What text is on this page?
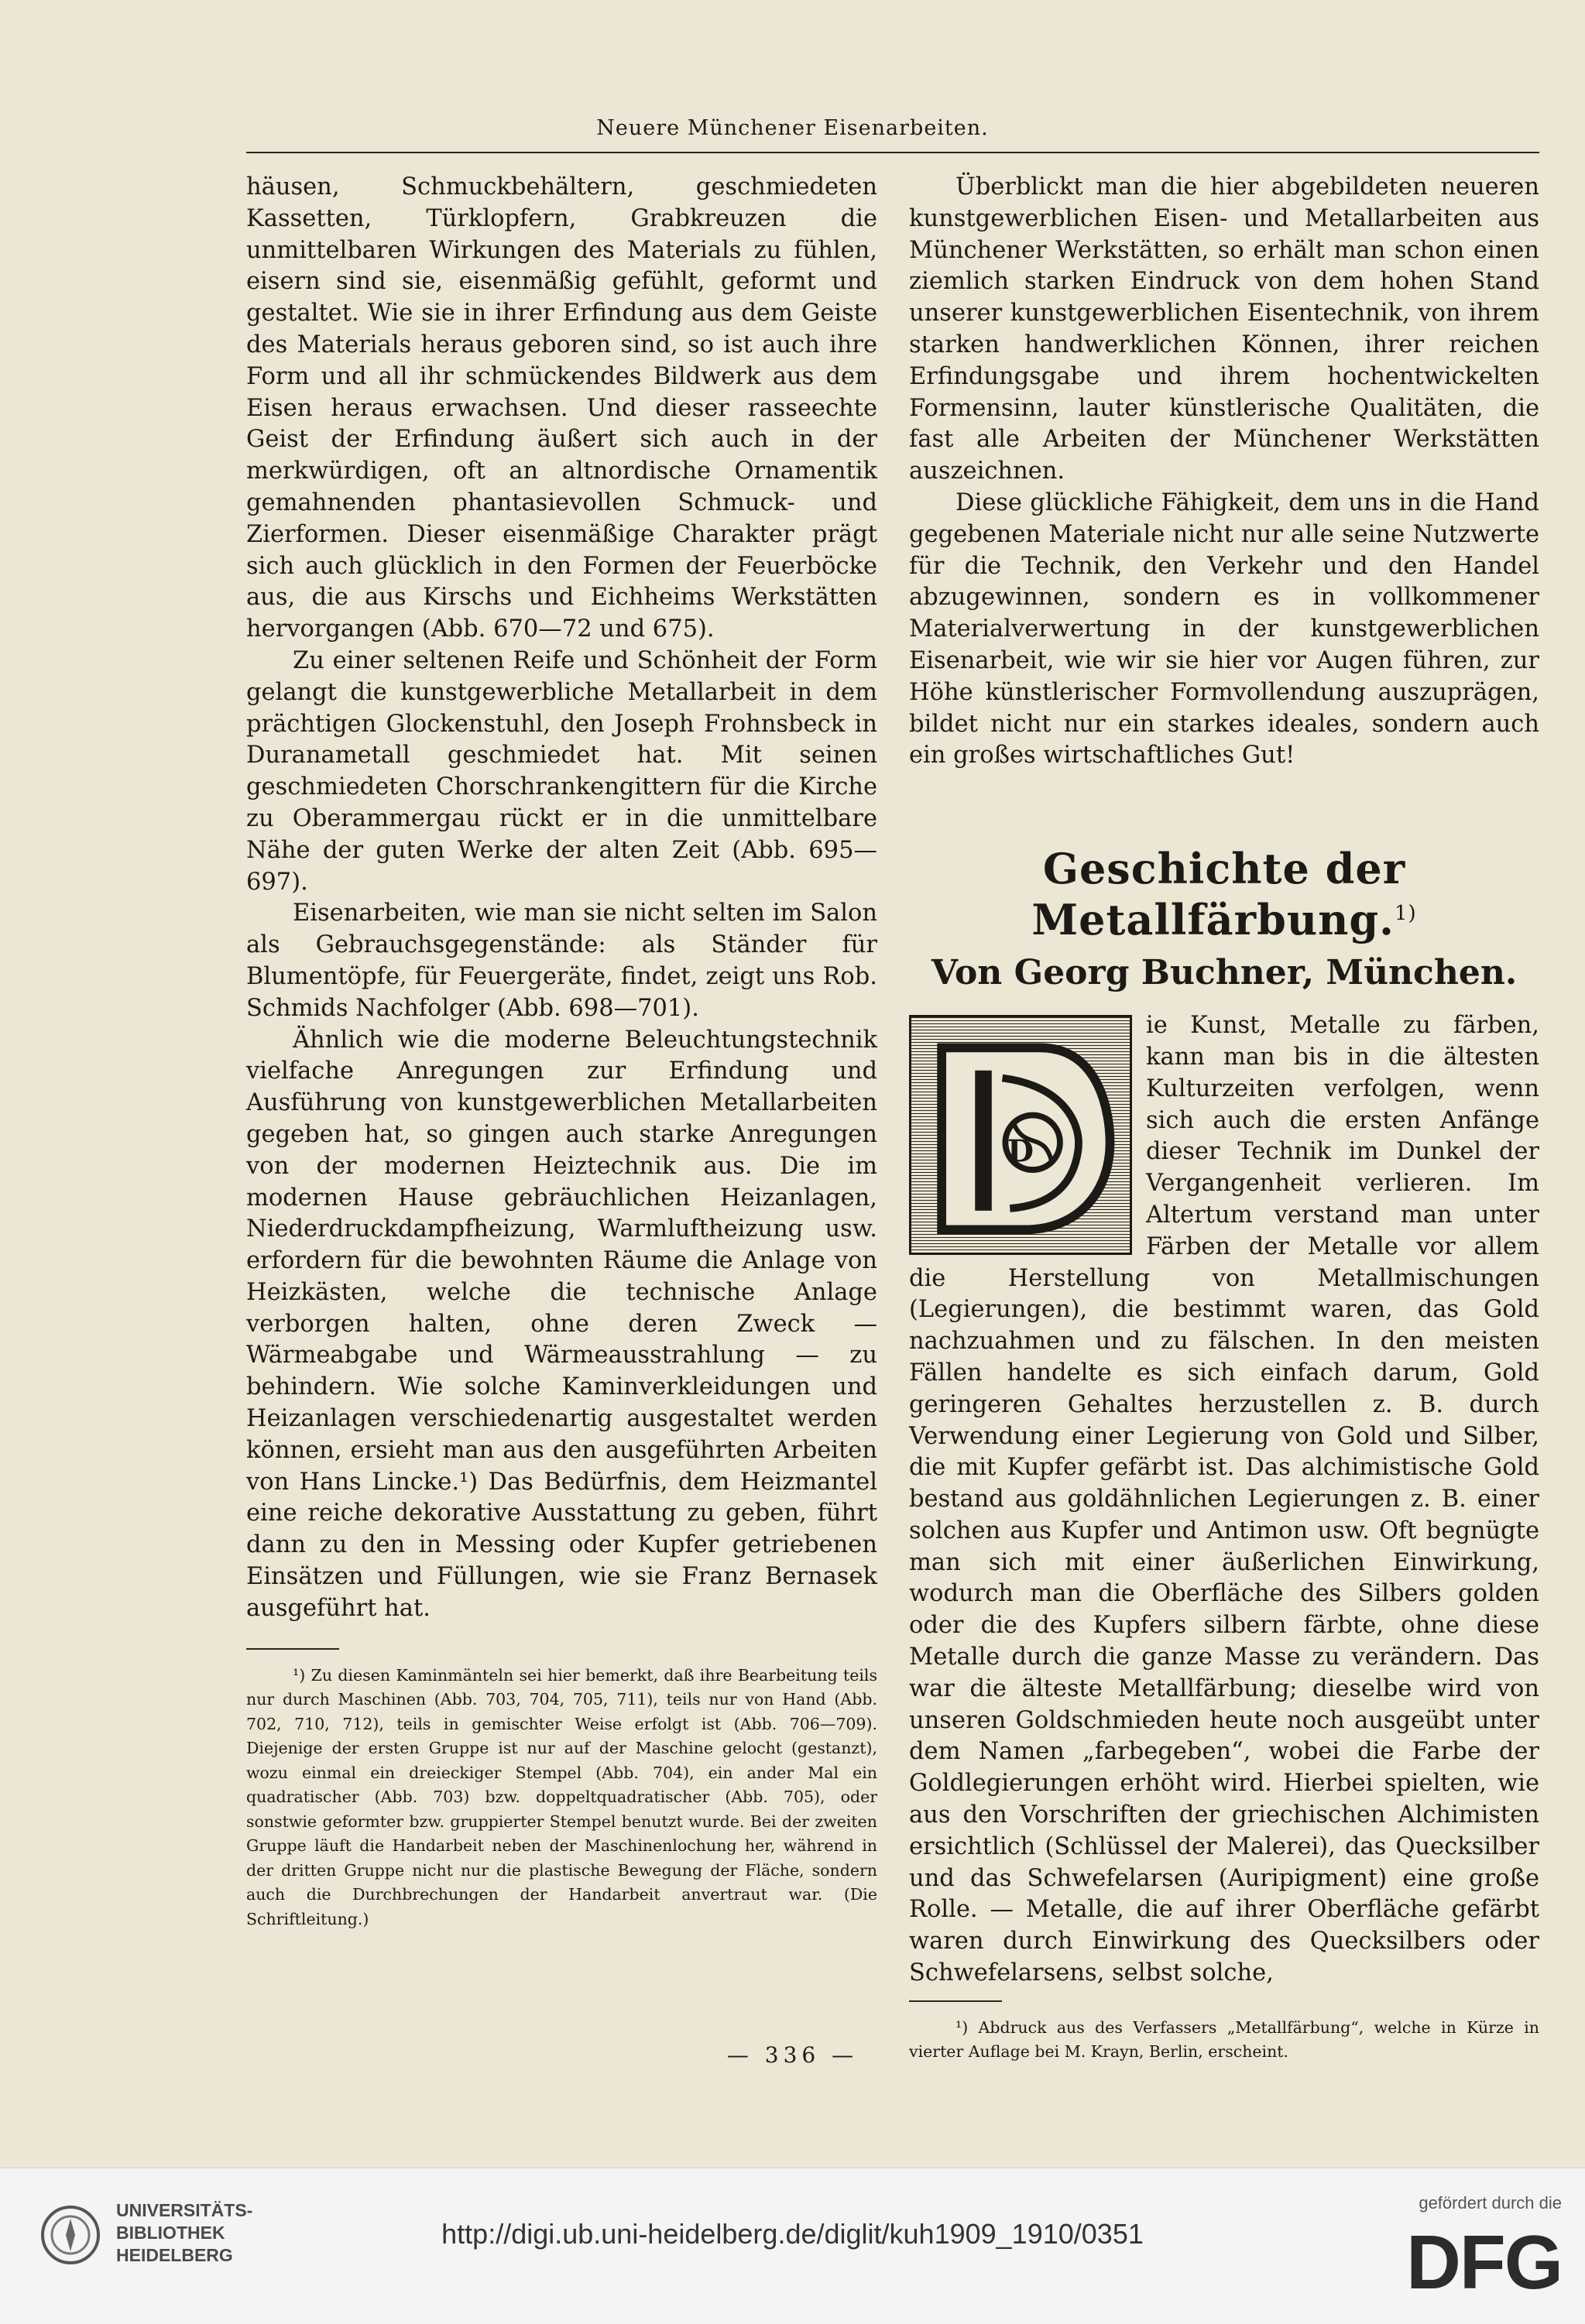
Neuere Münchener Eisenarbeiten.

häusen, Schmuckbehältern, geschmiedeten Kassetten, Türklopfern, Grabkreuzen die unmittelbaren Wirkungen des Materials zu fühlen, eisern sind sie, eisenmäßig gefühlt, geformt und gestaltet. Wie sie in ihrer Erfindung aus dem Geiste des Materials heraus geboren sind, so ist auch ihre Form und all ihr schmückendes Bildwerk aus dem Eisen heraus erwachsen. Und dieser rasseechte Geist der Erfindung äußert sich auch in der merkwürdigen, oft an altnordische Ornamentik gemahnenden phantasievollen Schmuck- und Zierformen. Dieser eisenmäßige Charakter prägt sich auch glücklich in den Formen der Feuerböcke aus, die aus Kirschs und Eichheims Werkstätten hervorgangen (Abb. 670—72 und 675).

Zu einer seltenen Reife und Schönheit der Form gelangt die kunstgewerbliche Metallarbeit in dem prächtigen Glockenstuhl, den Joseph Frohnsbeck in Duranametall geschmiedet hat. Mit seinen geschmiedeten Chorschrankengittern für die Kirche zu Oberammergau rückt er in die unmittelbare Nähe der guten Werke der alten Zeit (Abb. 695—697).

Eisenarbeiten, wie man sie nicht selten im Salon als Gebrauchsgegenstände: als Ständer für Blumentöpfe, für Feuergeräte, findet, zeigt uns Rob. Schmids Nachfolger (Abb. 698—701).

Ähnlich wie die moderne Beleuchtungstechnik vielfache Anregungen zur Erfindung und Ausführung von kunstgewerblichen Metallarbeiten gegeben hat, so gingen auch starke Anregungen von der modernen Heiztechnik aus. Die im modernen Hause gebräuchlichen Heizanlagen, Niederdruckdampfheizung, Warmluftheizung usw. erfordern für die bewohnten Räume die Anlage von Heizkästen, welche die technische Anlage verborgen halten, ohne deren Zweck — Wärmeabgabe und Wärmeausstrahlung — zu behindern. Wie solche Kaminverkleidungen und Heizanlagen verschiedenartig ausgestaltet werden können, ersieht man aus den ausgeführten Arbeiten von Hans Lincke.¹) Das Bedürfnis, dem Heizmantel eine reiche dekorative Ausstattung zu geben, führt dann zu den in Messing oder Kupfer getriebenen Einsätzen und Füllungen, wie sie Franz Bernasek ausgeführt hat.

¹) Zu diesen Kaminmänteln sei hier bemerkt, daß ihre Bearbeitung teils nur durch Maschinen (Abb. 703, 704, 705, 711), teils nur von Hand (Abb. 702, 710, 712), teils in gemischter Weise erfolgt ist (Abb. 706—709). Diejenige der ersten Gruppe ist nur auf der Maschine gelocht (gestanzt), wozu einmal ein dreieckiger Stempel (Abb. 704), ein ander Mal ein quadratischer (Abb. 703) bzw. doppeltquadratischer (Abb. 705), oder sonstwie geformter bzw. gruppierter Stempel benutzt wurde. Bei der zweiten Gruppe läuft die Handarbeit neben der Maschinenlochung her, während in der dritten Gruppe nicht nur die plastische Bewegung der Fläche, sondern auch die Durchbrechungen der Handarbeit anvertraut war. (Die Schriftleitung.)

Überblickt man die hier abgebildeten neueren kunstgewerblichen Eisen- und Metallarbeiten aus Münchener Werkstätten, so erhält man schon einen ziemlich starken Eindruck von dem hohen Stand unserer kunstgewerblichen Eisentechnik, von ihrem starken handwerklichen Können, ihrer reichen Erfindungsgabe und ihrem hochentwickelten Formensinn, lauter künstlerische Qualitäten, die fast alle Arbeiten der Münchener Werkstätten auszeichnen.

Diese glückliche Fähigkeit, dem uns in die Hand gegebenen Materiale nicht nur alle seine Nutzwerte für die Technik, den Verkehr und den Handel abzugewinnen, sondern es in vollkommener Materialverwertung in der kunstgewerblichen Eisenarbeit, wie wir sie hier vor Augen führen, zur Höhe künstlerischer Formvollendung auszuprägen, bildet nicht nur ein starkes ideales, sondern auch ein großes wirtschaftliches Gut!

Geschichte der Metallfärbung.$^{1)}$
Von Georg Buchner, München.
D

ie Kunst, Metalle zu färben, kann man bis in die ältesten Kulturzeiten verfolgen, wenn sich auch die ersten Anfänge dieser Technik im Dunkel der Vergangenheit verlieren. Im Altertum verstand man unter Färben der Metalle vor allem die Herstellung von Metallmischungen (Legierungen), die bestimmt waren, das Gold nachzuahmen und zu fälschen. In den meisten Fällen handelte es sich einfach darum, Gold geringeren Gehaltes herzustellen z. B. durch Verwendung einer Legierung von Gold und Silber, die mit Kupfer gefärbt ist. Das alchimistische Gold bestand aus goldähnlichen Legierungen z. B. einer solchen aus Kupfer und Antimon usw. Oft begnügte man sich mit einer äußerlichen Einwirkung, wodurch man die Oberfläche des Silbers golden oder die des Kupfers silbern färbte, ohne diese Metalle durch die ganze Masse zu verändern. Das war die älteste Metallfärbung; dieselbe wird von unseren Goldschmieden heute noch ausgeübt unter dem Namen „farbegeben“, wobei die Farbe der Goldlegierungen erhöht wird. Hierbei spielten, wie aus den Vorschriften der griechischen Alchimisten ersichtlich (Schlüssel der Malerei), das Quecksilber und das Schwefelarsen (Auripigment) eine große Rolle. — Metalle, die auf ihrer Oberfläche gefärbt waren durch Einwirkung des Quecksilbers oder Schwefelarsens, selbst solche,

¹) Abdruck aus des Verfassers „Metallfärbung“, welche in Kürze in vierter Auflage bei M. Krayn, Berlin, erscheint.

— 336 —
UNIVERSITÄTS-
BIBLIOTHEK
HEIDELBERG
http://digi.ub.uni-heidelberg.de/diglit/kuh1909_1910/0351
gefördert durch die
DFG
